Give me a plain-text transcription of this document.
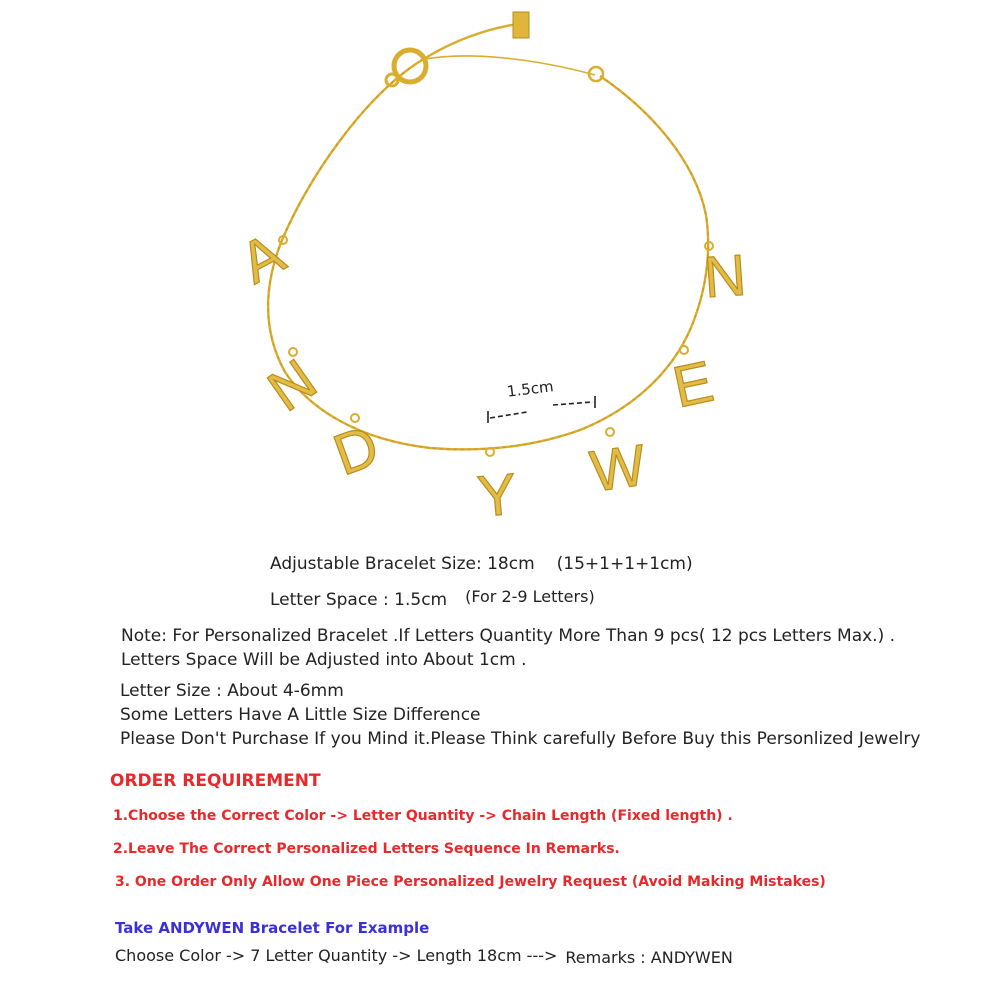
1.5cm
A
N
D
Y W
E
N
Adjustable Bracelet Size: 18cm (15+1+1+1cm)
Letter Space : 1.5cm (For 2-9 Letters)
Note: For Personalized Bracelet .If Letters Quantity More Than 9 pcs( 12 pcs Letters Max.) .
Letters Space Will be Adjusted into About 1cm .
Letter Size : About 4-6mm
Some Letters Have A Little Size Difference
Please Don't Purchase If you Mind it.Please Think carefully Before Buy this Personlized Jewelry
ORDER REQUIREMENT
1.Choose the Correct Color -> Letter Quantity -> Chain Length (Fixed length) .
2.Leave The Correct Personalized Letters Sequence In Remarks.
3. One Order Only Allow One Piece Personalized Jewelry Request (Avoid Making Mistakes)
Take ANDYWEN Bracelet For Example
Choose Color -> 7 Letter Quantity -> Length 18cm ---> Remarks : ANDYWEN
